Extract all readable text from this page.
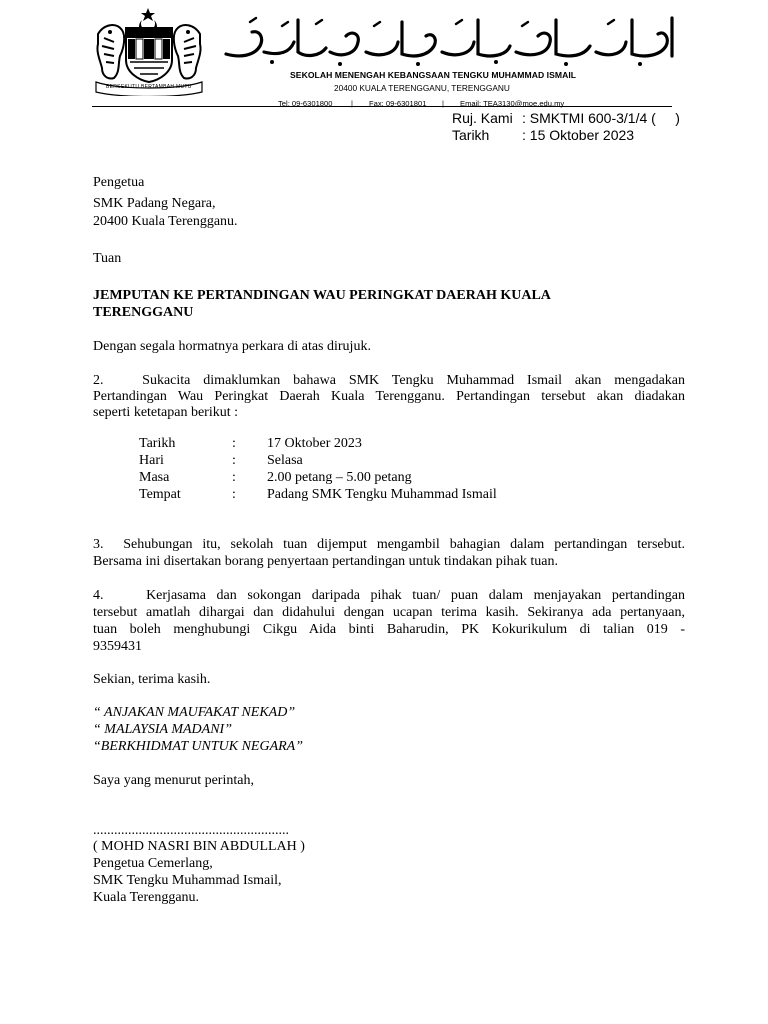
BERSEKUTU BERTAMBAH MUTU
SEKOLAH MENENGAH KEBANGSAAN TENGKU MUHAMMAD ISMAIL
20400 KUALA TERENGGANU, TERENGGANU
Tel: 09-6301800 | Fax: 09-6301801 | Email: TEA3130@moe.edu.my
Ruj. Kami : SMKTMI 600-3/1/4 (     )
Tarikh : 15 Oktober 2023
Pengetua
SMK Padang Negara,
20400 Kuala Terengganu.
Tuan
JEMPUTAN KE PERTANDINGAN WAU PERINGKAT DAERAH KUALA
TERENGGANU
Dengan segala hormatnya perkara di atas dirujuk.
2.   Sukacita dimaklumkan bahawa SMK Tengku Muhammad Ismail akan mengadakan
Pertandingan Wau Peringkat Daerah Kuala Terengganu. Pertandingan tersebut akan diadakan
seperti ketetapan berikut :
Tarikh	: 17 Oktober 2023
Hari	: Selasa
Masa	: 2.00 petang – 5.00 petang
Tempat	: Padang SMK Tengku Muhammad Ismail
3.  Sehubungan itu, sekolah tuan dijemput mengambil bahagian dalam pertandingan tersebut.
Bersama ini disertakan borang penyertaan pertandingan untuk tindakan pihak tuan.
4.    Kerjasama dan sokongan daripada pihak tuan/ puan dalam menjayakan pertandingan
tersebut amatlah dihargai dan didahului dengan ucapan terima kasih. Sekiranya ada pertanyaan,
tuan boleh menghubungi Cikgu Aida binti Baharudin, PK Kokurikulum di talian 019 -
9359431
Sekian, terima kasih.
“ ANJAKAN MAUFAKAT NEKAD”
“ MALAYSIA MADANI”
“BERKHIDMAT UNTUK NEGARA”
Saya yang menurut perintah,
........................................................
( MOHD NASRI BIN ABDULLAH )
Pengetua Cemerlang,
SMK Tengku Muhammad Ismail,
Kuala Terengganu.
